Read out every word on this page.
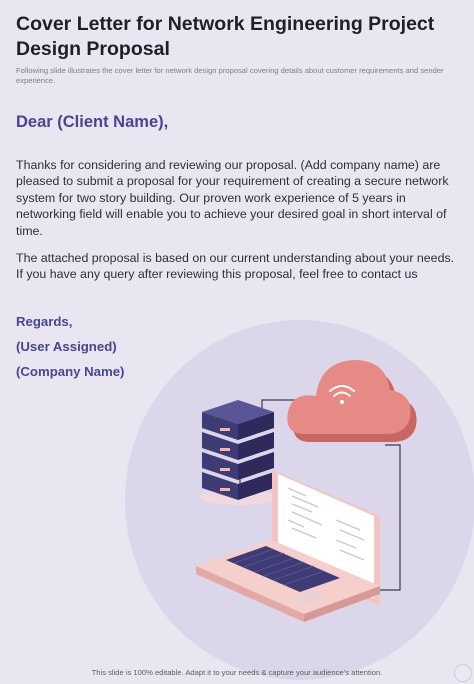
Cover Letter for Network Engineering Project Design Proposal
Following slide illustrates the cover letter for network design proposal covering details about customer requirements and sender experience.
Dear (Client Name),
Thanks for considering and reviewing our proposal. (Add company name) are pleased to submit a proposal for your requirement of creating a secure network system for two story building. Our proven work experience of 5 years in networking field will enable you to achieve your desired goal in short interval of time.
The attached proposal is based on our current understanding about your needs. If you have any query after reviewing this proposal, feel free to contact us
Regards,
(User Assigned)
(Company Name)
This slide is 100% editable. Adapt it to your needs & capture your audience’s attention.
